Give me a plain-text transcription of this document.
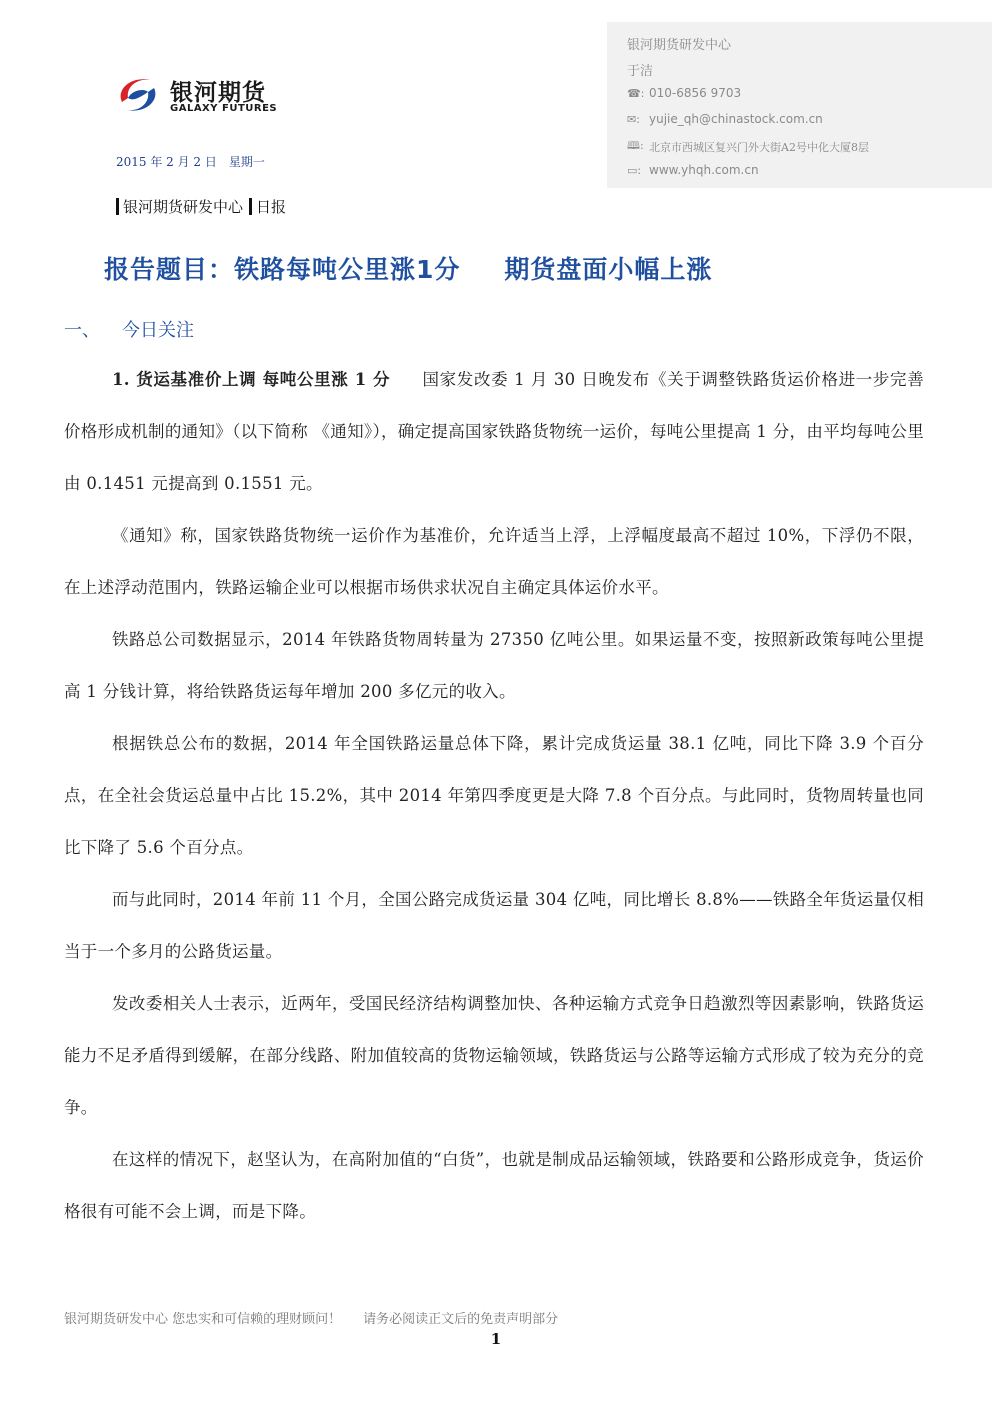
银河期货
GALAXY FUTURES
2015 年 2 月 2 日　星期一
银河期货研发中心
于洁
☎: 010-6856 9703
✉: yujie_qh@chinastock.com.cn
🕮: 北京市西城区复兴门外大街A2号中化大厦8层
▭: www.yhqh.com.cn
银河期货研发中心 日报
报告题目：铁路每吨公里涨1分 期货盘面小幅上涨
一、 今日关注

1. 货运基准价上调 每吨公里涨 1 分 国家发改委 1 月 30 日晚发布《关于调整铁路货运价格进一步完善价格形成机制的通知》（以下简称 《通知》），确定提高国家铁路货物统一运价，每吨公里提高 1 分，由平均每吨公里由 0.1451 元提高到 0.1551 元。

《通知》称，国家铁路货物统一运价作为基准价，允许适当上浮，上浮幅度最高不超过 10%，下浮仍不限，在上述浮动范围内，铁路运输企业可以根据市场供求状况自主确定具体运价水平。

铁路总公司数据显示，2014 年铁路货物周转量为 27350 亿吨公里。如果运量不变，按照新政策每吨公里提高 1 分钱计算，将给铁路货运每年增加 200 多亿元的收入。

根据铁总公布的数据，2014 年全国铁路运量总体下降，累计完成货运量 38.1 亿吨，同比下降 3.9 个百分点，在全社会货运总量中占比 15.2%，其中 2014 年第四季度更是大降 7.8 个百分点。与此同时，货物周转量也同比下降了 5.6 个百分点。

而与此同时，2014 年前 11 个月，全国公路完成货运量 304 亿吨，同比增长 8.8%——铁路全年货运量仅相当于一个多月的公路货运量。

发改委相关人士表示，近两年，受国民经济结构调整加快、各种运输方式竞争日趋激烈等因素影响，铁路货运能力不足矛盾得到缓解，在部分线路、附加值较高的货物运输领域，铁路货运与公路等运输方式形成了较为充分的竞争。

在这样的情况下，赵坚认为，在高附加值的“白货”，也就是制成品运输领域，铁路要和公路形成竞争，货运价格很有可能不会上调，而是下降。

银河期货研发中心 您忠实和可信赖的理财顾问！ 请务必阅读正文后的免责声明部分
1
